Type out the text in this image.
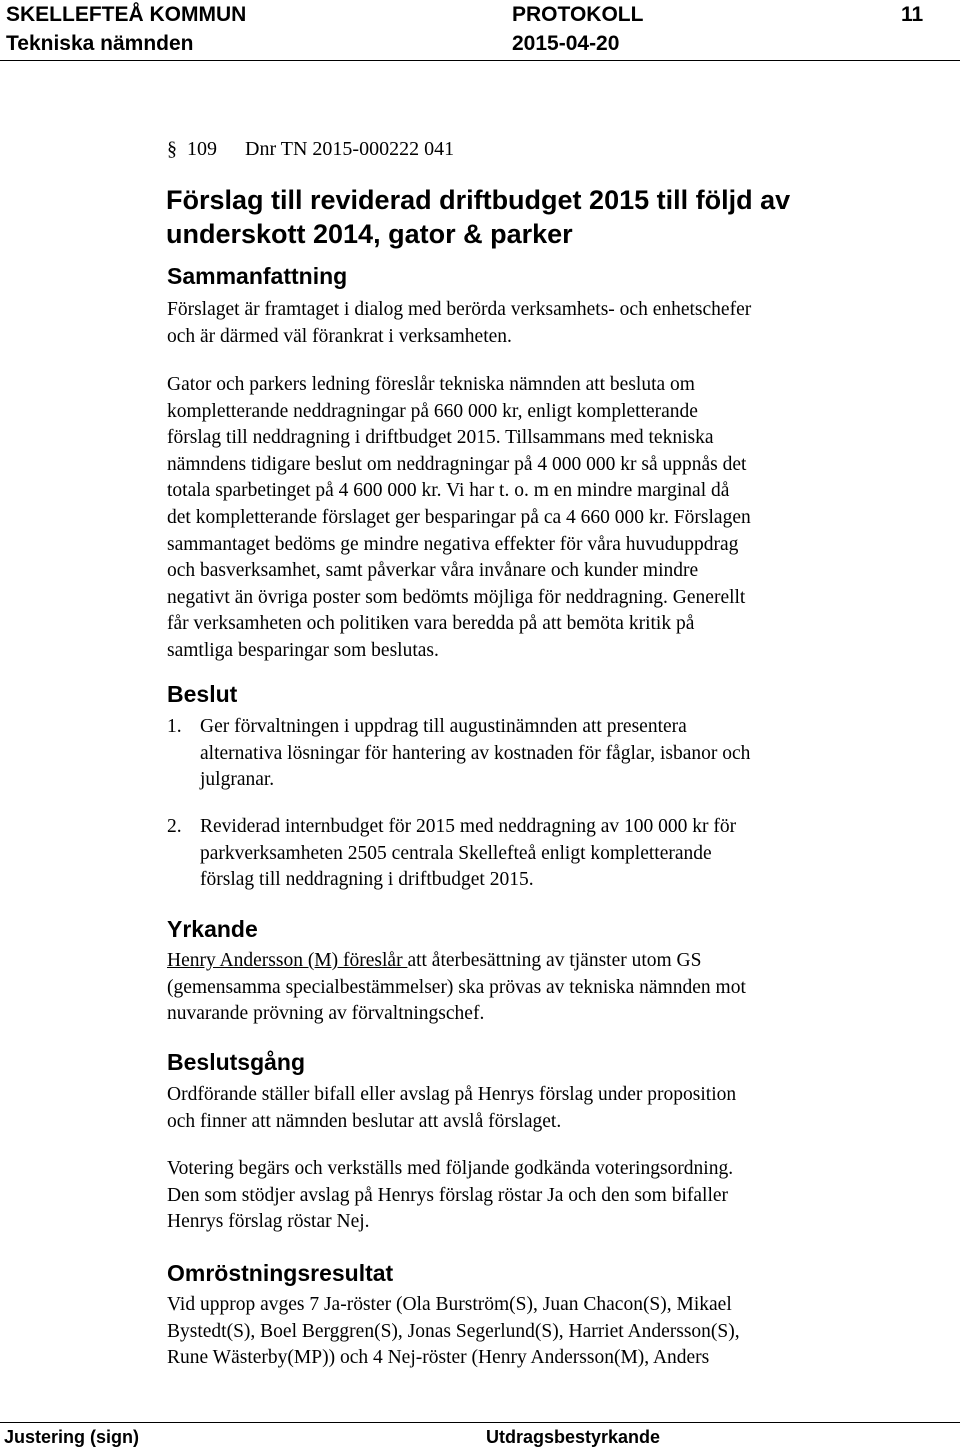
SKELLEFTEÅ KOMMUN	PROTOKOLL	11
Tekniska nämnden	2015-04-20
§ 109 Dnr TN 2015-000222 041
Förslag till reviderad driftbudget 2015 till följd av underskott 2014, gator & parker
Sammanfattning

Förslaget är framtaget i dialog med berörda verksamhets- och enhetschefer
och är därmed väl förankrat i verksamheten.

Gator och parkers ledning föreslår tekniska nämnden att besluta om
kompletterande neddragningar på 660 000 kr, enligt kompletterande
förslag till neddragning i driftbudget 2015. Tillsammans med tekniska
nämndens tidigare beslut om neddragningar på 4 000 000 kr så uppnås det
totala sparbetinget på 4 600 000 kr. Vi har t. o. m en mindre marginal då
det kompletterande förslaget ger besparingar på ca 4 660 000 kr. Förslagen
sammantaget bedöms ge mindre negativa effekter för våra huvuduppdrag
och basverksamhet, samt påverkar våra invånare och kunder mindre
negativt än övriga poster som bedömts möjliga för neddragning. Generellt
får verksamheten och politiken vara beredda på att bemöta kritik på
samtliga besparingar som beslutas.

Beslut
1. Ger förvaltningen i uppdrag till augustinämnden att presentera
alternativa lösningar för hantering av kostnaden för fåglar, isbanor och
julgranar.
2. Reviderad internbudget för 2015 med neddragning av 100 000 kr för
parkverksamheten 2505 centrala Skellefteå enligt kompletterande
förslag till neddragning i driftbudget 2015.
Yrkande

Henry Andersson (M) föreslår att återbesättning av tjänster utom GS
(gemensamma specialbestämmelser) ska prövas av tekniska nämnden mot
nuvarande prövning av förvaltningschef.

Beslutsgång

Ordförande ställer bifall eller avslag på Henrys förslag under proposition
och finner att nämnden beslutar att avslå förslaget.

Votering begärs och verkställs med följande godkända voteringsordning.
Den som stödjer avslag på Henrys förslag röstar Ja och den som bifaller
Henrys förslag röstar Nej.

Omröstningsresultat

Vid upprop avges 7 Ja-röster (Ola Burström(S), Juan Chacon(S), Mikael
Bystedt(S), Boel Berggren(S), Jonas Segerlund(S), Harriet Andersson(S),
Rune Wästerby(MP)) och 4 Nej-röster (Henry Andersson(M), Anders

Justering (sign)	Utdragsbestyrkande
